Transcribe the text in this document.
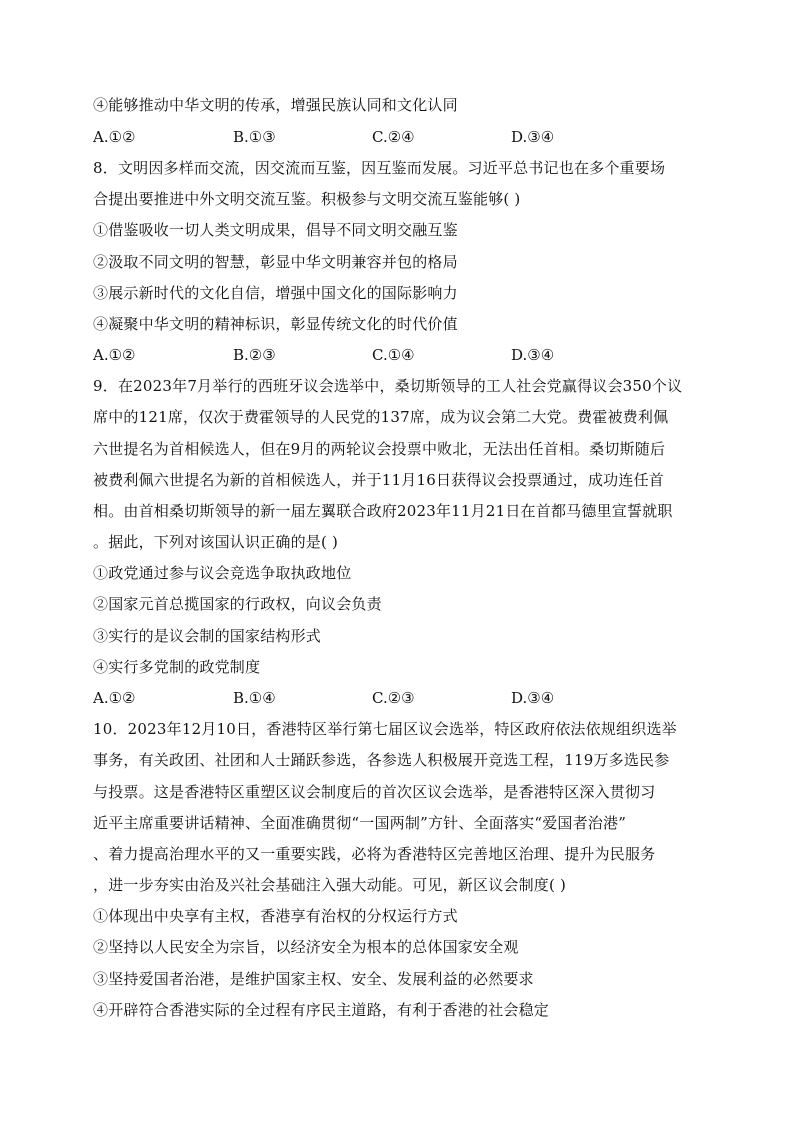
④能够推动中华文明的传承，增强民族认同和文化认同
A.①②	B.①③	C.②④	D.③④
8．文明因多样而交流，因交流而互鉴，因互鉴而发展。习近平总书记也在多个重要场
合提出要推进中外文明交流互鉴。积极参与文明交流互鉴能够( )
①借鉴吸收一切人类文明成果，倡导不同文明交融互鉴
②汲取不同文明的智慧，彰显中华文明兼容并包的格局
③展示新时代的文化自信，增强中国文化的国际影响力
④凝聚中华文明的精神标识，彰显传统文化的时代价值
A.①②	B.②③	C.①④	D.③④
9．在2023年7月举行的西班牙议会选举中，桑切斯领导的工人社会党赢得议会350个议
席中的121席，仅次于费霍领导的人民党的137席，成为议会第二大党。费霍被费利佩
六世提名为首相候选人，但在9月的两轮议会投票中败北，无法出任首相。桑切斯随后
被费利佩六世提名为新的首相候选人，并于11月16日获得议会投票通过，成功连任首
相。由首相桑切斯领导的新一届左翼联合政府2023年11月21日在首都马德里宣誓就职
。据此，下列对该国认识正确的是( )
①政党通过参与议会竞选争取执政地位
②国家元首总揽国家的行政权，向议会负责
③实行的是议会制的国家结构形式
④实行多党制的政党制度
A.①②	B.①④	C.②③	D.③④
10．2023年12月10日，香港特区举行第七届区议会选举，特区政府依法依规组织选举
事务，有关政团、社团和人士踊跃参选，各参选人积极展开竞选工程，119万多选民参
与投票。这是香港特区重塑区议会制度后的首次区议会选举，是香港特区深入贯彻习
近平主席重要讲话精神、全面准确贯彻“一国两制”方针、全面落实“爱国者治港”
、着力提高治理水平的又一重要实践，必将为香港特区完善地区治理、提升为民服务
，进一步夯实由治及兴社会基础注入强大动能。可见，新区议会制度( )
①体现出中央享有主权，香港享有治权的分权运行方式
②坚持以人民安全为宗旨，以经济安全为根本的总体国家安全观
③坚持爱国者治港，是维护国家主权、安全、发展利益的必然要求
④开辟符合香港实际的全过程有序民主道路，有利于香港的社会稳定
